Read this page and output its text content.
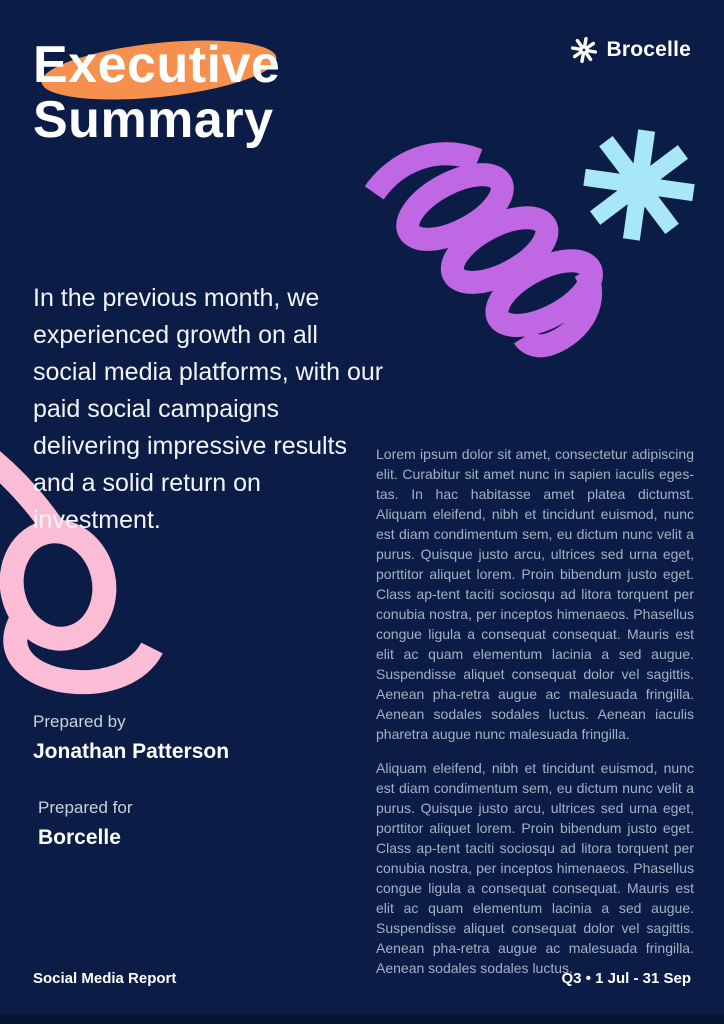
Executive
Summary
Brocelle

In the previous month, we experienced growth on all social media platforms, with our paid social campaigns delivering impressive results and a solid return on investment.

Prepared by
Jonathan Patterson
Prepared for
Borcelle

Lorem ipsum dolor sit amet, consectetur adipiscing elit. Curabitur sit amet nunc in sapien iaculis eges-tas. In hac habitasse amet platea dictumst. Aliquam eleifend, nibh et tincidunt euismod, nunc est diam condimentum sem, eu dictum nunc velit a purus. Quisque justo arcu, ultrices sed urna eget, porttitor aliquet lorem. Proin bibendum justo eget. Class ap-tent taciti sociosqu ad litora torquent per conubia nostra, per inceptos himenaeos. Phasellus congue ligula a consequat consequat. Mauris est elit ac quam elementum lacinia a sed augue. Suspendisse aliquet consequat dolor vel sagittis. Aenean pha-retra augue ac malesuada fringilla. Aenean sodales sodales luctus. Aenean iaculis pharetra augue nunc malesuada fringilla.

Aliquam eleifend, nibh et tincidunt euismod, nunc est diam condimentum sem, eu dictum nunc velit a purus. Quisque justo arcu, ultrices sed urna eget, porttitor aliquet lorem. Proin bibendum justo eget. Class ap-tent taciti sociosqu ad litora torquent per conubia nostra, per inceptos himenaeos. Phasellus congue ligula a consequat consequat. Mauris est elit ac quam elementum lacinia a sed augue. Suspendisse aliquet consequat dolor vel sagittis. Aenean pha-retra augue ac malesuada fringilla. Aenean sodales sodales luctus.

Social Media Report	Q3 • 1 Jul - 31 Sep
